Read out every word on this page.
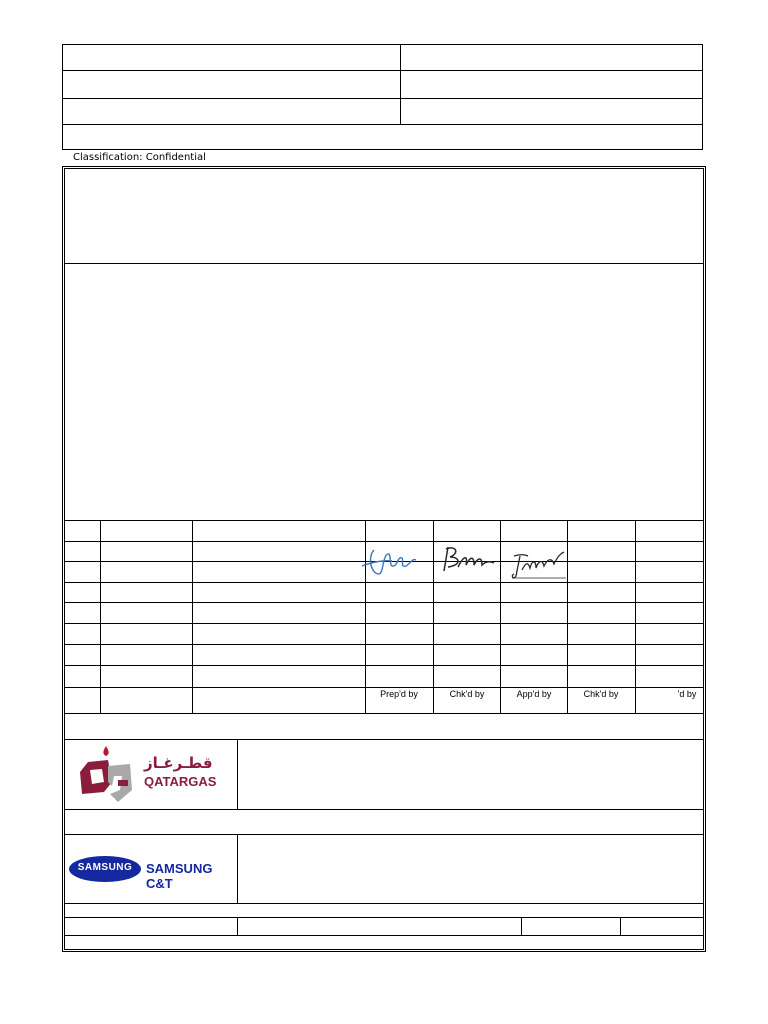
Classification: Confidential
Prep'd by	Chk'd by	App'd by	Chk'd by	'd by
قطـرغـاز
QATARGAS
SAMSUNG	SAMSUNG C&T
